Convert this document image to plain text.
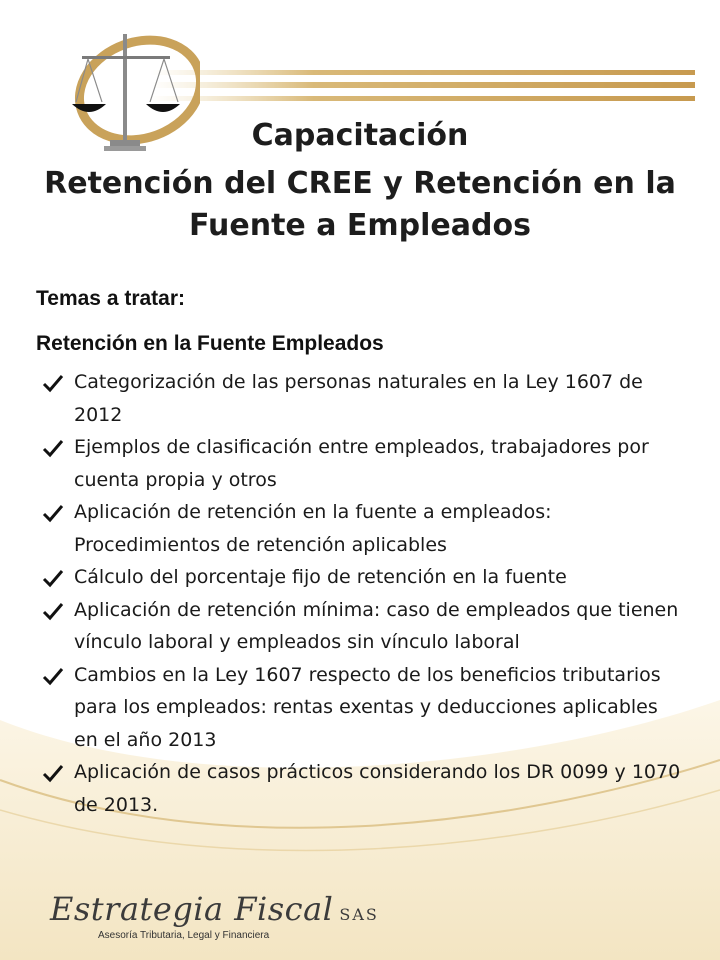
Capacitación
Retención del CREE y Retención en la
Fuente a Empleados
Temas a tratar:
Retención en la Fuente Empleados
Categorización de las personas naturales en la Ley 1607 de 2012
Ejemplos de clasificación entre empleados, trabajadores por cuenta propia y otros
Aplicación de retención en la fuente a empleados: Procedimientos de retención aplicables
Cálculo del porcentaje fijo de retención en la fuente
Aplicación de retención mínima: caso de empleados que tienen vínculo laboral y empleados sin vínculo laboral
Cambios en la Ley 1607 respecto de los beneficios tributarios para los empleados: rentas exentas y deducciones aplicables en el año 2013
Aplicación de casos prácticos considerando los DR 0099 y 1070 de 2013.
Estrategia Fiscal SAS
Asesoría Tributaria, Legal y Financiera
